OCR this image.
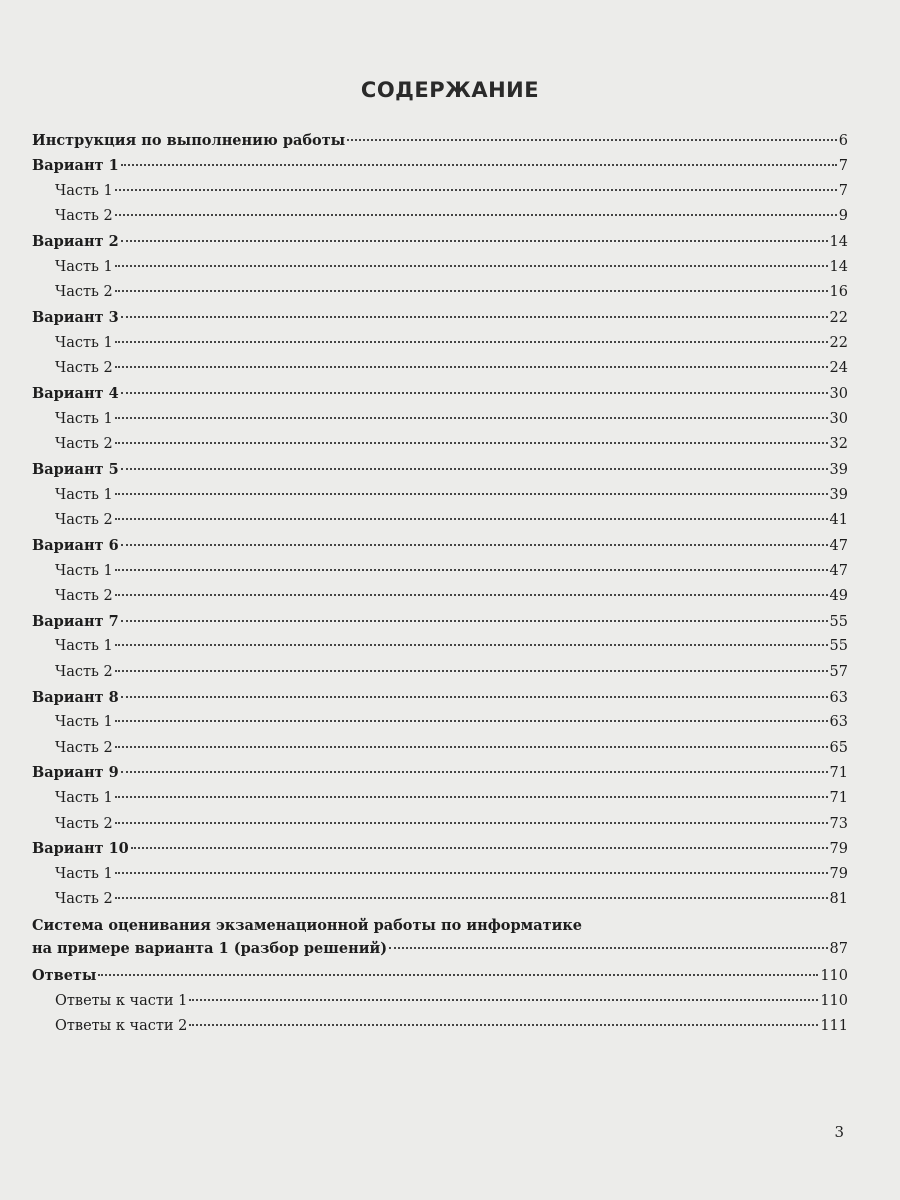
СОДЕРЖАНИЕ
Инструкция по выполнению работы	6
Вариант 1	7
Часть 1	7
Часть 2	9
Вариант 2	14
Часть 1	14
Часть 2	16
Вариант 3	22
Часть 1	22
Часть 2	24
Вариант 4	30
Часть 1	30
Часть 2	32
Вариант 5	39
Часть 1	39
Часть 2	41
Вариант 6	47
Часть 1	47
Часть 2	49
Вариант 7	55
Часть 1	55
Часть 2	57
Вариант 8	63
Часть 1	63
Часть 2	65
Вариант 9	71
Часть 1	71
Часть 2	73
Вариант 10	79
Часть 1	79
Часть 2	81
Система оценивания экзаменационной работы по информатике
на примере варианта 1 (разбор решений)	87
Ответы	110
Ответы к части 1	110
Ответы к части 2	111
3
